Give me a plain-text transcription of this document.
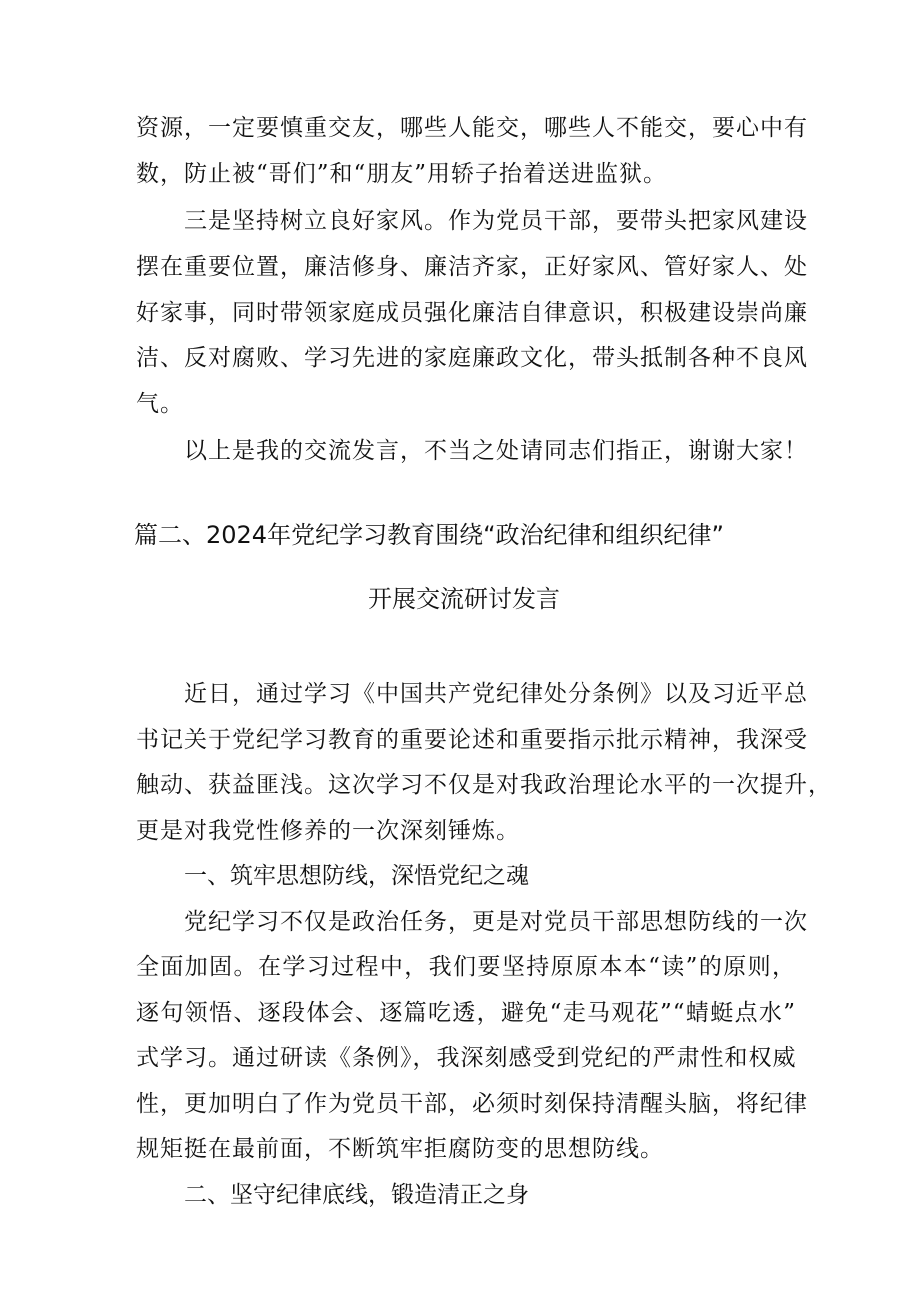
资源，一定要慎重交友，哪些人能交，哪些人不能交，要心中有
数，防止被“哥们”和“朋友”用轿子抬着送进监狱。
三是坚持树立良好家风。作为党员干部，要带头把家风建设
摆在重要位置，廉洁修身、廉洁齐家，正好家风、管好家人、处
好家事，同时带领家庭成员强化廉洁自律意识，积极建设崇尚廉
洁、反对腐败、学习先进的家庭廉政文化，带头抵制各种不良风
气。
以上是我的交流发言，不当之处请同志们指正，谢谢大家！
篇二、2024年党纪学习教育围绕“政治纪律和组织纪律”
开展交流研讨发言
近日，通过学习《中国共产党纪律处分条例》以及习近平总
书记关于党纪学习教育的重要论述和重要指示批示精神，我深受
触动、获益匪浅。这次学习不仅是对我政治理论水平的一次提升，
更是对我党性修养的一次深刻锤炼。
一、筑牢思想防线，深悟党纪之魂
党纪学习不仅是政治任务，更是对党员干部思想防线的一次
全面加固。在学习过程中，我们要坚持原原本本“读”的原则，
逐句领悟、逐段体会、逐篇吃透，避免“走马观花”“蜻蜓点水”
式学习。通过研读《条例》，我深刻感受到党纪的严肃性和权威
性，更加明白了作为党员干部，必须时刻保持清醒头脑，将纪律
规矩挺在最前面，不断筑牢拒腐防变的思想防线。
二、坚守纪律底线，锻造清正之身
